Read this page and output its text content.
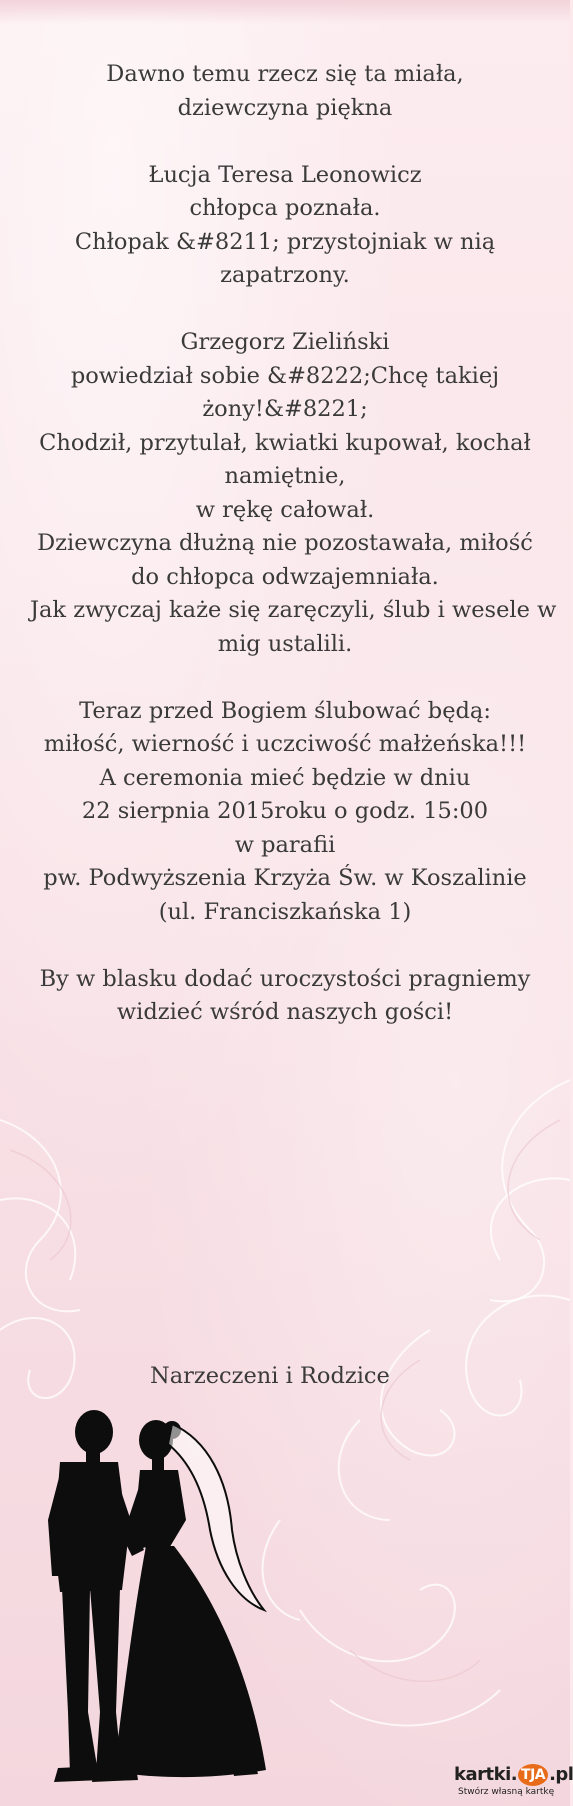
Dawno temu rzecz się ta miała,
dziewczyna piękna
Łucja Teresa Leonowicz
chłopca poznała.
Chłopak &#8211; przystojniak w nią
zapatrzony.
Grzegorz Zieliński
powiedział sobie &#8222;Chcę takiej
żony!&#8221;
Chodził, przytulał, kwiatki kupował, kochał
namiętnie,
w rękę całował.
Dziewczyna dłużną nie pozostawała, miłość
do chłopca odwzajemniała.
Jak zwyczaj każe się zaręczyli, ślub i wesele w
mig ustalili.
Teraz przed Bogiem ślubować będą:
miłość, wierność i uczciwość małżeńska!!!
A ceremonia mieć będzie w dniu
22 sierpnia 2015roku o godz. 15:00
w parafii
pw. Podwyższenia Krzyża Św. w Koszalinie
(ul. Franciszkańska 1)
By w blasku dodać uroczystości pragniemy
widzieć wśród naszych gości!
Narzeczeni i Rodzice
kartki. TJA .pl
Stwórz własną kartkę
